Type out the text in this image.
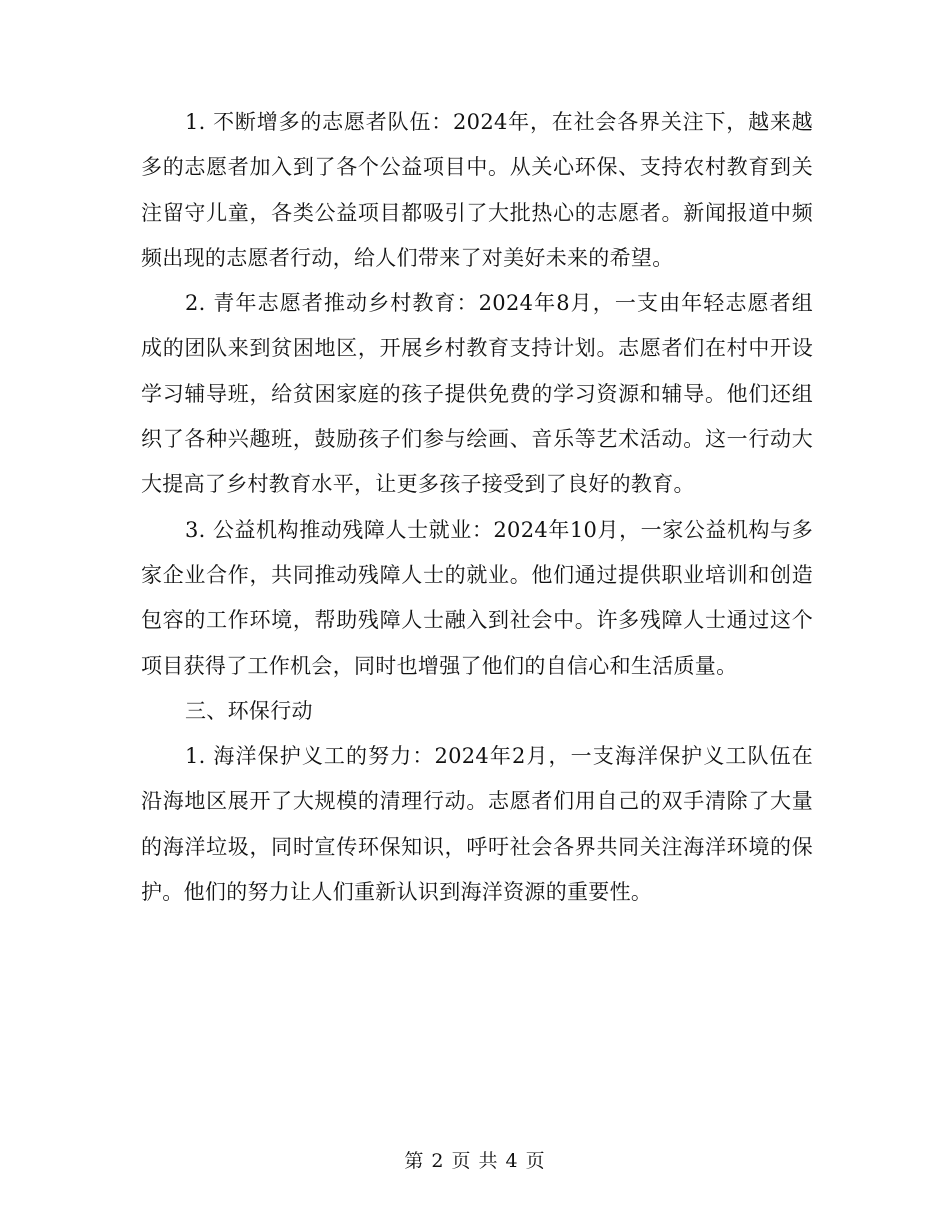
1. 不断增多的志愿者队伍：2024年，在社会各界关注下，越来越多的志愿者加入到了各个公益项目中。从关心环保、支持农村教育到关注留守儿童，各类公益项目都吸引了大批热心的志愿者。新闻报道中频频出现的志愿者行动，给人们带来了对美好未来的希望。

2. 青年志愿者推动乡村教育：2024年8月，一支由年轻志愿者组成的团队来到贫困地区，开展乡村教育支持计划。志愿者们在村中开设学习辅导班，给贫困家庭的孩子提供免费的学习资源和辅导。他们还组织了各种兴趣班，鼓励孩子们参与绘画、音乐等艺术活动。这一行动大大提高了乡村教育水平，让更多孩子接受到了良好的教育。

3. 公益机构推动残障人士就业：2024年10月，一家公益机构与多家企业合作，共同推动残障人士的就业。他们通过提供职业培训和创造包容的工作环境，帮助残障人士融入到社会中。许多残障人士通过这个项目获得了工作机会，同时也增强了他们的自信心和生活质量。

三、环保行动

1. 海洋保护义工的努力：2024年2月，一支海洋保护义工队伍在沿海地区展开了大规模的清理行动。志愿者们用自己的双手清除了大量的海洋垃圾，同时宣传环保知识，呼吁社会各界共同关注海洋环境的保护。他们的努力让人们重新认识到海洋资源的重要性。

第 2 页 共 4 页
